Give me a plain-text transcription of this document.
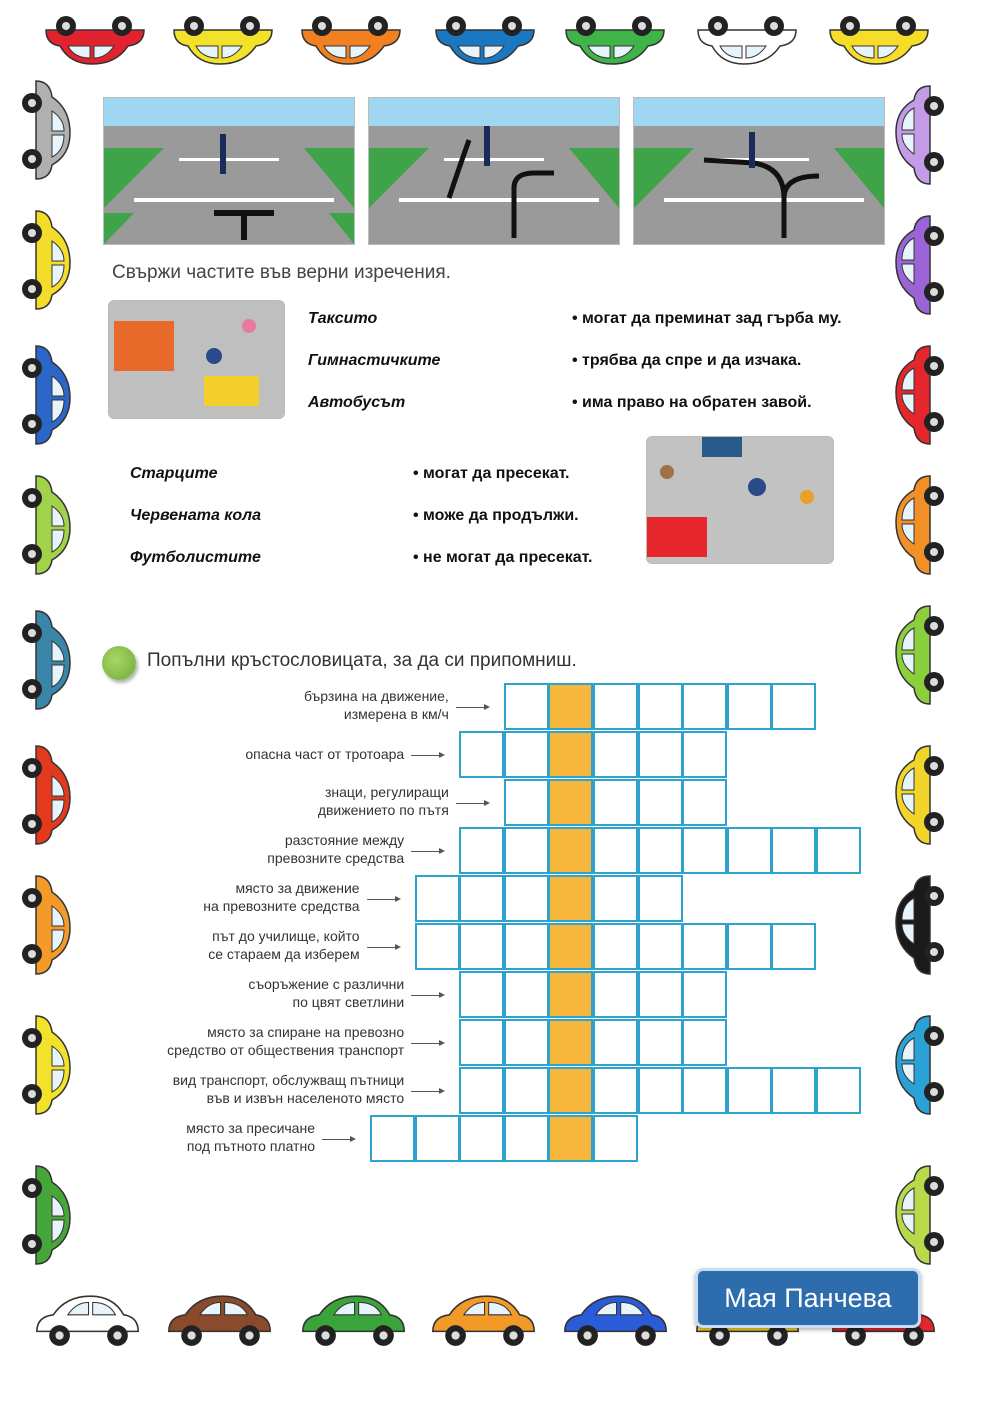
Свържи частите във верни изречения.
Таксито
Гимнастичките
Автобусът
• могат да преминат зад гърба му.
• трябва да спре и да изчака.
• има право на обратен завой.
Старците
Червената кола
Футболистите
• могат да пресекат.
• може да продължи.
• не могат да пресекат.
Попълни кръстословицата, за да си припомниш.
бързина на движение,
измерена в км/ч
опасна част от тротоара
знаци, регулиращи
движението по пътя
разстояние между
превозните средства
място за движение
на превозните средства
път до училище, който
се стараем да изберем
съоръжение с различни
по цвят светлини
място за спиране на превозно
средство от обществения транспорт
вид транспорт, обслужващ пътници
във и извън населеното място
място за пресичане
под пътното платно
Мая Панчева
